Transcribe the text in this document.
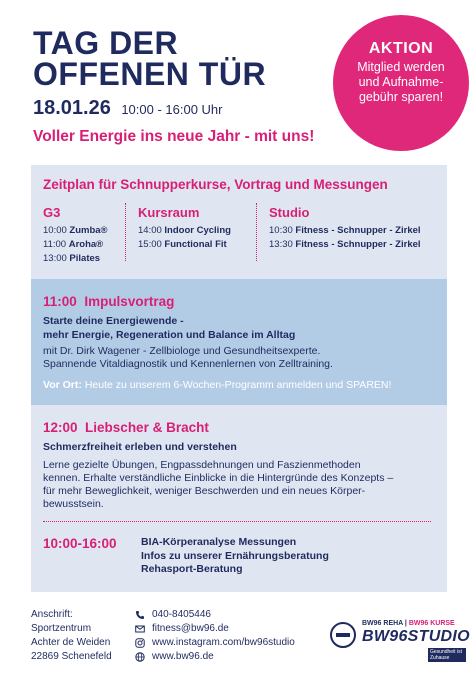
TAG DER
OFFENEN TÜR
18.01.26 10:00 - 16:00 Uhr
Voller Energie ins neue Jahr - mit uns!
AKTION
Mitglied werden
und Aufnahme-
gebühr sparen!
Zeitplan für Schnupperkurse, Vortrag und Messungen
G3
10:00 Zumba®
11:00 Aroha®
13:00 Pilates
Kursraum
14:00 Indoor Cycling
15:00 Functional Fit
Studio
10:30 Fitness - Schnupper - Zirkel
13:30 Fitness - Schnupper - Zirkel
11:00 Impulsvortrag
Starte deine Energiewende -
mehr Energie, Regeneration und Balance im Alltag
mit Dr. Dirk Wagener - Zellbiologe und Gesundheitsexperte.
Spannende Vitaldiagnostik und Kennenlernen von Zelltraining.
Vor Ort: Heute zu unserem 6-Wochen-Programm anmelden und SPAREN!
12:00 Liebscher & Bracht
Schmerzfreiheit erleben und verstehen
Lerne gezielte Übungen, Engpassdehnungen und Faszienmethoden
kennen. Erhalte verständliche Einblicke in die Hintergründe des Konzepts –
für mehr Beweglichkeit, weniger Beschwerden und ein neues Körper-
bewusstsein.
10:00-16:00 BIA-Körperanalyse Messungen
Infos zu unserer Ernährungsberatung
Rehasport-Beratung
Anschrift:
Sportzentrum
Achter de Weiden
22869 Schenefeld
040-8405446
fitness@bw96.de
www.instagram.com/bw96studio
www.bw96.de
BW96 REHA | BW96 KURSE
BW96STUDIO
Gesundheit ist Zuhause
